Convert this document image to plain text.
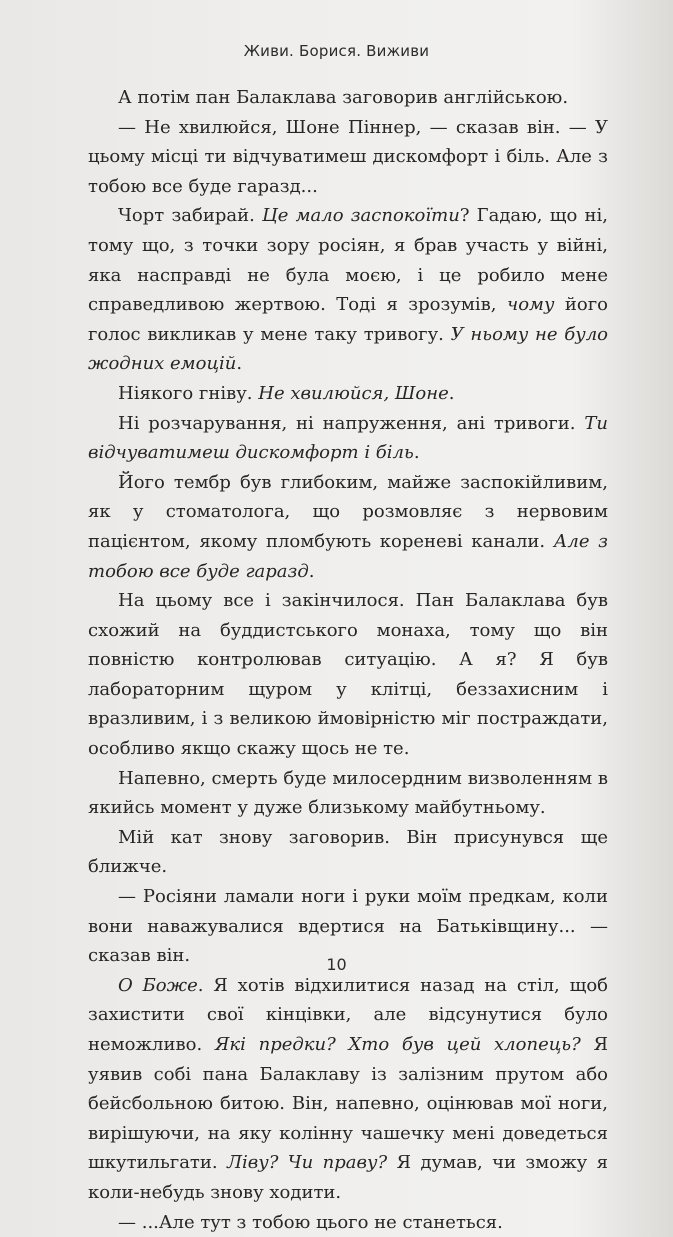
Живи. Борися. Виживи

А потім пан Балаклава заговорив англійською.

— Не хвилюйся, Шоне Піннер, — сказав він. — У цьому місці ти відчуватимеш дискомфорт і біль. Але з тобою все буде гаразд...

Чорт забирай. Це мало заспокоїти? Гадаю, що ні, тому що, з точки зору росіян, я брав участь у війні, яка насправді не була моєю, і це робило мене справедливою жертвою. Тоді я зрозумів, чому його голос викликав у мене таку тривогу. У ньому не було жодних емоцій.

Ніякого гніву. Не хвилюйся, Шоне.

Ні розчарування, ні напруження, ані тривоги. Ти відчуватимеш дискомфорт і біль.

Його тембр був глибоким, майже заспокійливим, як у стоматолога, що розмовляє з нервовим пацієнтом, якому пломбують кореневі канали. Але з тобою все буде гаразд.

На цьому все і закінчилося. Пан Балаклава був схожий на буддистського монаха, тому що він повністю контролював ситуацію. А я? Я був лабораторним щуром у клітці, беззахисним і вразливим, і з великою ймовірністю міг постраждати, особливо якщо скажу щось не те.

Напевно, смерть буде милосердним визволенням в якийсь момент у дуже близькому майбутньому.

Мій кат знову заговорив. Він присунувся ще ближче.

— Росіяни ламали ноги і руки моїм предкам, коли вони наважувалися вдертися на Батьківщину... — сказав він.

О Боже. Я хотів відхилитися назад на стіл, щоб захистити свої кінцівки, але відсунутися було неможливо. Які предки? Хто був цей хлопець? Я уявив собі пана Балаклаву із залізним прутом або бейсбольною битою. Він, напевно, оцінював мої ноги, вирішуючи, на яку колінну чашечку мені доведеться шкутильгати. Ліву? Чи праву? Я думав, чи зможу я коли-небудь знову ходити.

— ...Але тут з тобою цього не станеться.

10
